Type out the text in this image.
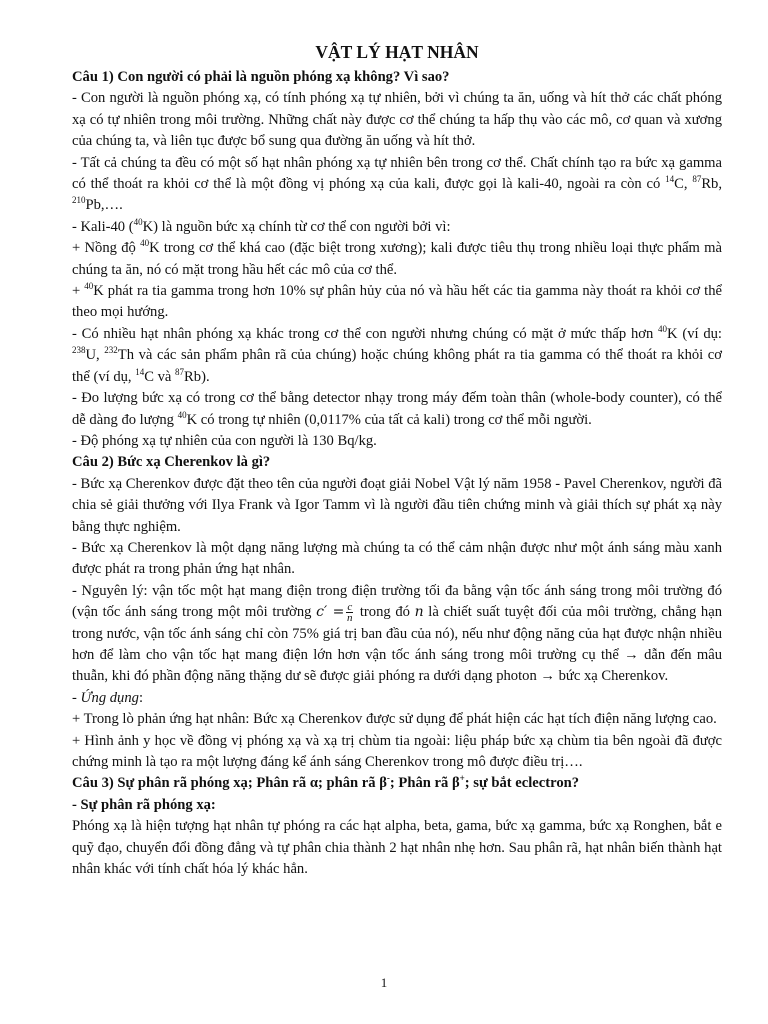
VẬT LÝ HẠT NHÂN

Câu 1) Con người có phải là nguồn phóng xạ không? Vì sao?

- Con người là nguồn phóng xạ, có tính phóng xạ tự nhiên, bởi vì chúng ta ăn, uống và hít thở các chất phóng xạ có tự nhiên trong môi trường. Những chất này được cơ thể chúng ta hấp thụ vào các mô, cơ quan và xương của chúng ta, và liên tục được bổ sung qua đường ăn uống và hít thở.

- Tất cả chúng ta đều có một số hạt nhân phóng xạ tự nhiên bên trong cơ thể. Chất chính tạo ra bức xạ gamma có thể thoát ra khỏi cơ thể là một đồng vị phóng xạ của kali, được gọi là kali-40, ngoài ra còn có $^{14}$C, $^{87}$Rb, $^{210}$Pb,….

- Kali-40 ($^{40}$K) là nguồn bức xạ chính từ cơ thể con người bởi vì:

+ Nồng độ $^{40}$K trong cơ thể khá cao (đặc biệt trong xương); kali được tiêu thụ trong nhiều loại thực phẩm mà chúng ta ăn, nó có mặt trong hầu hết các mô của cơ thể.

+ $^{40}$K phát ra tia gamma trong hơn 10% sự phân hủy của nó và hầu hết các tia gamma này thoát ra khỏi cơ thể theo mọi hướng.

- Có nhiều hạt nhân phóng xạ khác trong cơ thể con người nhưng chúng có mặt ở mức thấp hơn $^{40}$K (ví dụ: $^{238}$U, $^{232}$Th và các sản phẩm phân rã của chúng) hoặc chúng không phát ra tia gamma có thể thoát ra khỏi cơ thể (ví dụ, $^{14}$C và $^{87}$Rb).

- Đo lượng bức xạ có trong cơ thể bằng detector nhạy trong máy đếm toàn thân (whole-body counter), có thể dễ dàng đo lượng $^{40}$K có trong tự nhiên (0,0117% của tất cả kali) trong cơ thể mỗi người.

- Độ phóng xạ tự nhiên của con người là 130 Bq/kg.

Câu 2) Bức xạ Cherenkov là gì?

- Bức xạ Cherenkov được đặt theo tên của người đoạt giải Nobel Vật lý năm 1958 - Pavel Cherenkov, người đã chia sẻ giải thưởng với Ilya Frank và Igor Tamm vì là người đầu tiên chứng minh và giải thích sự phát xạ này bằng thực nghiệm.

- Bức xạ Cherenkov là một dạng năng lượng mà chúng ta có thể cảm nhận được như một ánh sáng màu xanh được phát ra trong phản ứng hạt nhân.

- Nguyên lý: vận tốc một hạt mang điện trong điện trường tối đa bằng vận tốc ánh sáng trong môi trường đó (vận tốc ánh sáng trong một môi trường $c' = \frac{c}{n}$ trong đó n là chiết suất tuyệt đối của môi trường, chẳng hạn trong nước, vận tốc ánh sáng chỉ còn 75% giá trị ban đầu của nó), nếu như động năng của hạt được nhận nhiều hơn để làm cho vận tốc hạt mang điện lớn hơn vận tốc ánh sáng trong môi trường cụ thể → dẫn đến mâu thuẫn, khi đó phần động năng thặng dư sẽ được giải phóng ra dưới dạng photon → bức xạ Cherenkov.

- Ứng dụng:

+ Trong lò phản ứng hạt nhân: Bức xạ Cherenkov được sử dụng để phát hiện các hạt tích điện năng lượng cao.

+ Hình ảnh y học về đồng vị phóng xạ và xạ trị chùm tia ngoài: liệu pháp bức xạ chùm tia bên ngoài đã được chứng minh là tạo ra một lượng đáng kể ánh sáng Cherenkov trong mô được điều trị….

Câu 3) Sự phân rã phóng xạ; Phân rã α; phân rã β-; Phân rã β+; sự bắt eclectron?

- Sự phân rã phóng xạ:

Phóng xạ là hiện tượng hạt nhân tự phóng ra các hạt alpha, beta, gama, bức xạ gamma, bức xạ Ronghen, bắt e quỹ đạo, chuyển đổi đồng đẳng và tự phân chia thành 2 hạt nhân nhẹ hơn. Sau phân rã, hạt nhân biến thành hạt nhân khác với tính chất hóa lý khác hẳn.

1
